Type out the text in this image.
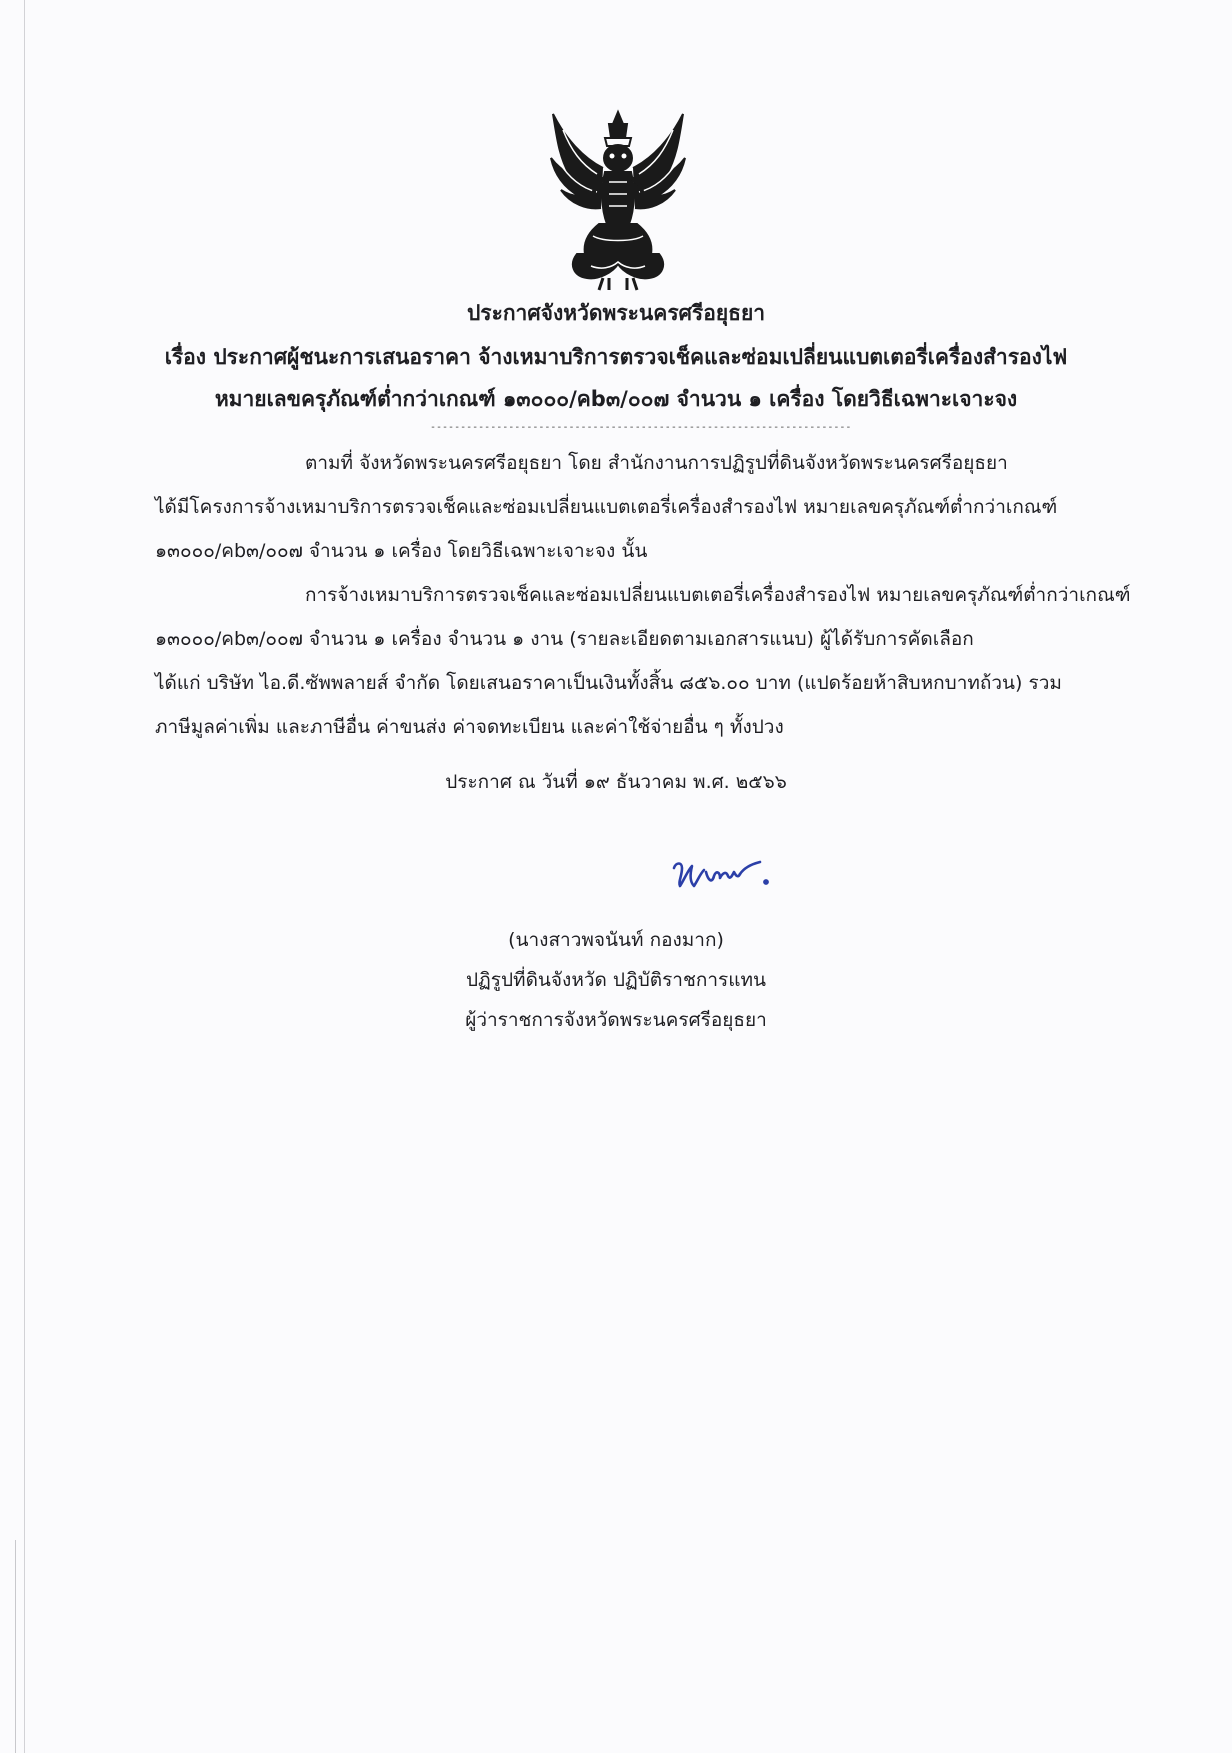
ประกาศจังหวัดพระนครศรีอยุธยา
เรื่อง ประกาศผู้ชนะการเสนอราคา จ้างเหมาบริการตรวจเช็คและซ่อมเปลี่ยนแบตเตอรี่เครื่องสำรองไฟ
หมายเลขครุภัณฑ์ต่ำกว่าเกณฑ์ ๑๓๐๐๐/คb๓/๐๐๗ จำนวน ๑ เครื่อง โดยวิธีเฉพาะเจาะจง
----------------------------------------------------------------------
ตามที่ จังหวัดพระนครศรีอยุธยา โดย สำนักงานการปฏิรูปที่ดินจังหวัดพระนครศรีอยุธยา
ได้มีโครงการจ้างเหมาบริการตรวจเช็คและซ่อมเปลี่ยนแบตเตอรี่เครื่องสำรองไฟ หมายเลขครุภัณฑ์ต่ำกว่าเกณฑ์
๑๓๐๐๐/คb๓/๐๐๗ จำนวน ๑ เครื่อง โดยวิธีเฉพาะเจาะจง นั้น
การจ้างเหมาบริการตรวจเช็คและซ่อมเปลี่ยนแบตเตอรี่เครื่องสำรองไฟ หมายเลขครุภัณฑ์ต่ำกว่าเกณฑ์
๑๓๐๐๐/คb๓/๐๐๗ จำนวน ๑ เครื่อง จำนวน ๑ งาน (รายละเอียดตามเอกสารแนบ) ผู้ได้รับการคัดเลือก
ได้แก่ บริษัท ไอ.ดี.ซัพพลายส์ จำกัด โดยเสนอราคาเป็นเงินทั้งสิ้น ๘๕๖.๐๐ บาท (แปดร้อยห้าสิบหกบาทถ้วน) รวม
ภาษีมูลค่าเพิ่ม และภาษีอื่น ค่าขนส่ง ค่าจดทะเบียน และค่าใช้จ่ายอื่น ๆ ทั้งปวง
ประกาศ ณ วันที่ ๑๙ ธันวาคม พ.ศ. ๒๕๖๖
(นางสาวพจนันท์ กองมาก)
ปฏิรูปที่ดินจังหวัด ปฏิบัติราชการแทน
ผู้ว่าราชการจังหวัดพระนครศรีอยุธยา
